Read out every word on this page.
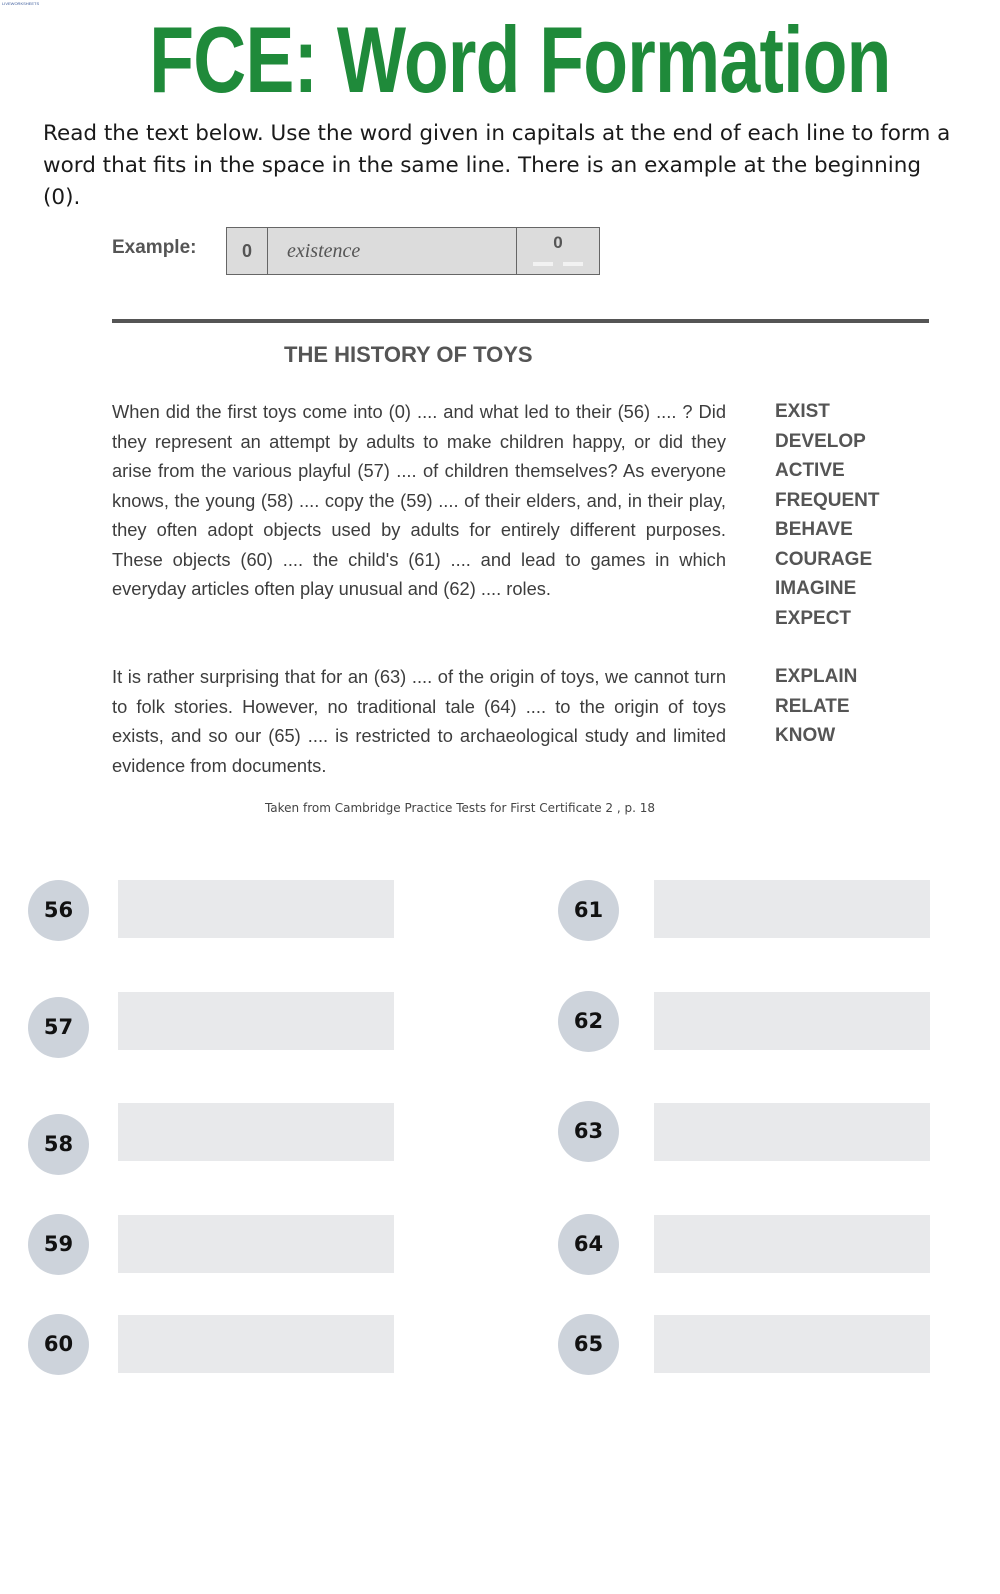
LIVEWORKSHEETS
FCE: Word Formation

Read the text below. Use the word given in capitals at the end of each line to form a word that fits in the space in the same line. There is an example at the beginning (0).

Example:	0	existence	0
THE HISTORY OF TOYS

When did the first toys come into (0) .... and what led to their (56) .... ? Did they represent an attempt by adults to make children happy, or did they arise from the various playful (57) .... of children themselves? As everyone knows, the young (58) .... copy the (59) .... of their elders, and, in their play, they often adopt objects used by adults for entirely different purposes. These objects (60) .... the child's (61) .... and lead to games in which everyday articles often play unusual and (62) .... roles.

EXIST
DEVELOP
ACTIVE
FREQUENT
BEHAVE
COURAGE
IMAGINE
EXPECT

It is rather surprising that for an (63) .... of the origin of toys, we cannot turn to folk stories. However, no traditional tale (64) .... to the origin of toys exists, and so our (65) .... is restricted to archaeological study and limited evidence from documents.

EXPLAIN
RELATE
KNOW
Taken from Cambridge Practice Tests for First Certificate 2 , p. 18
56
57
58
59
60
61
62
63
64
65
